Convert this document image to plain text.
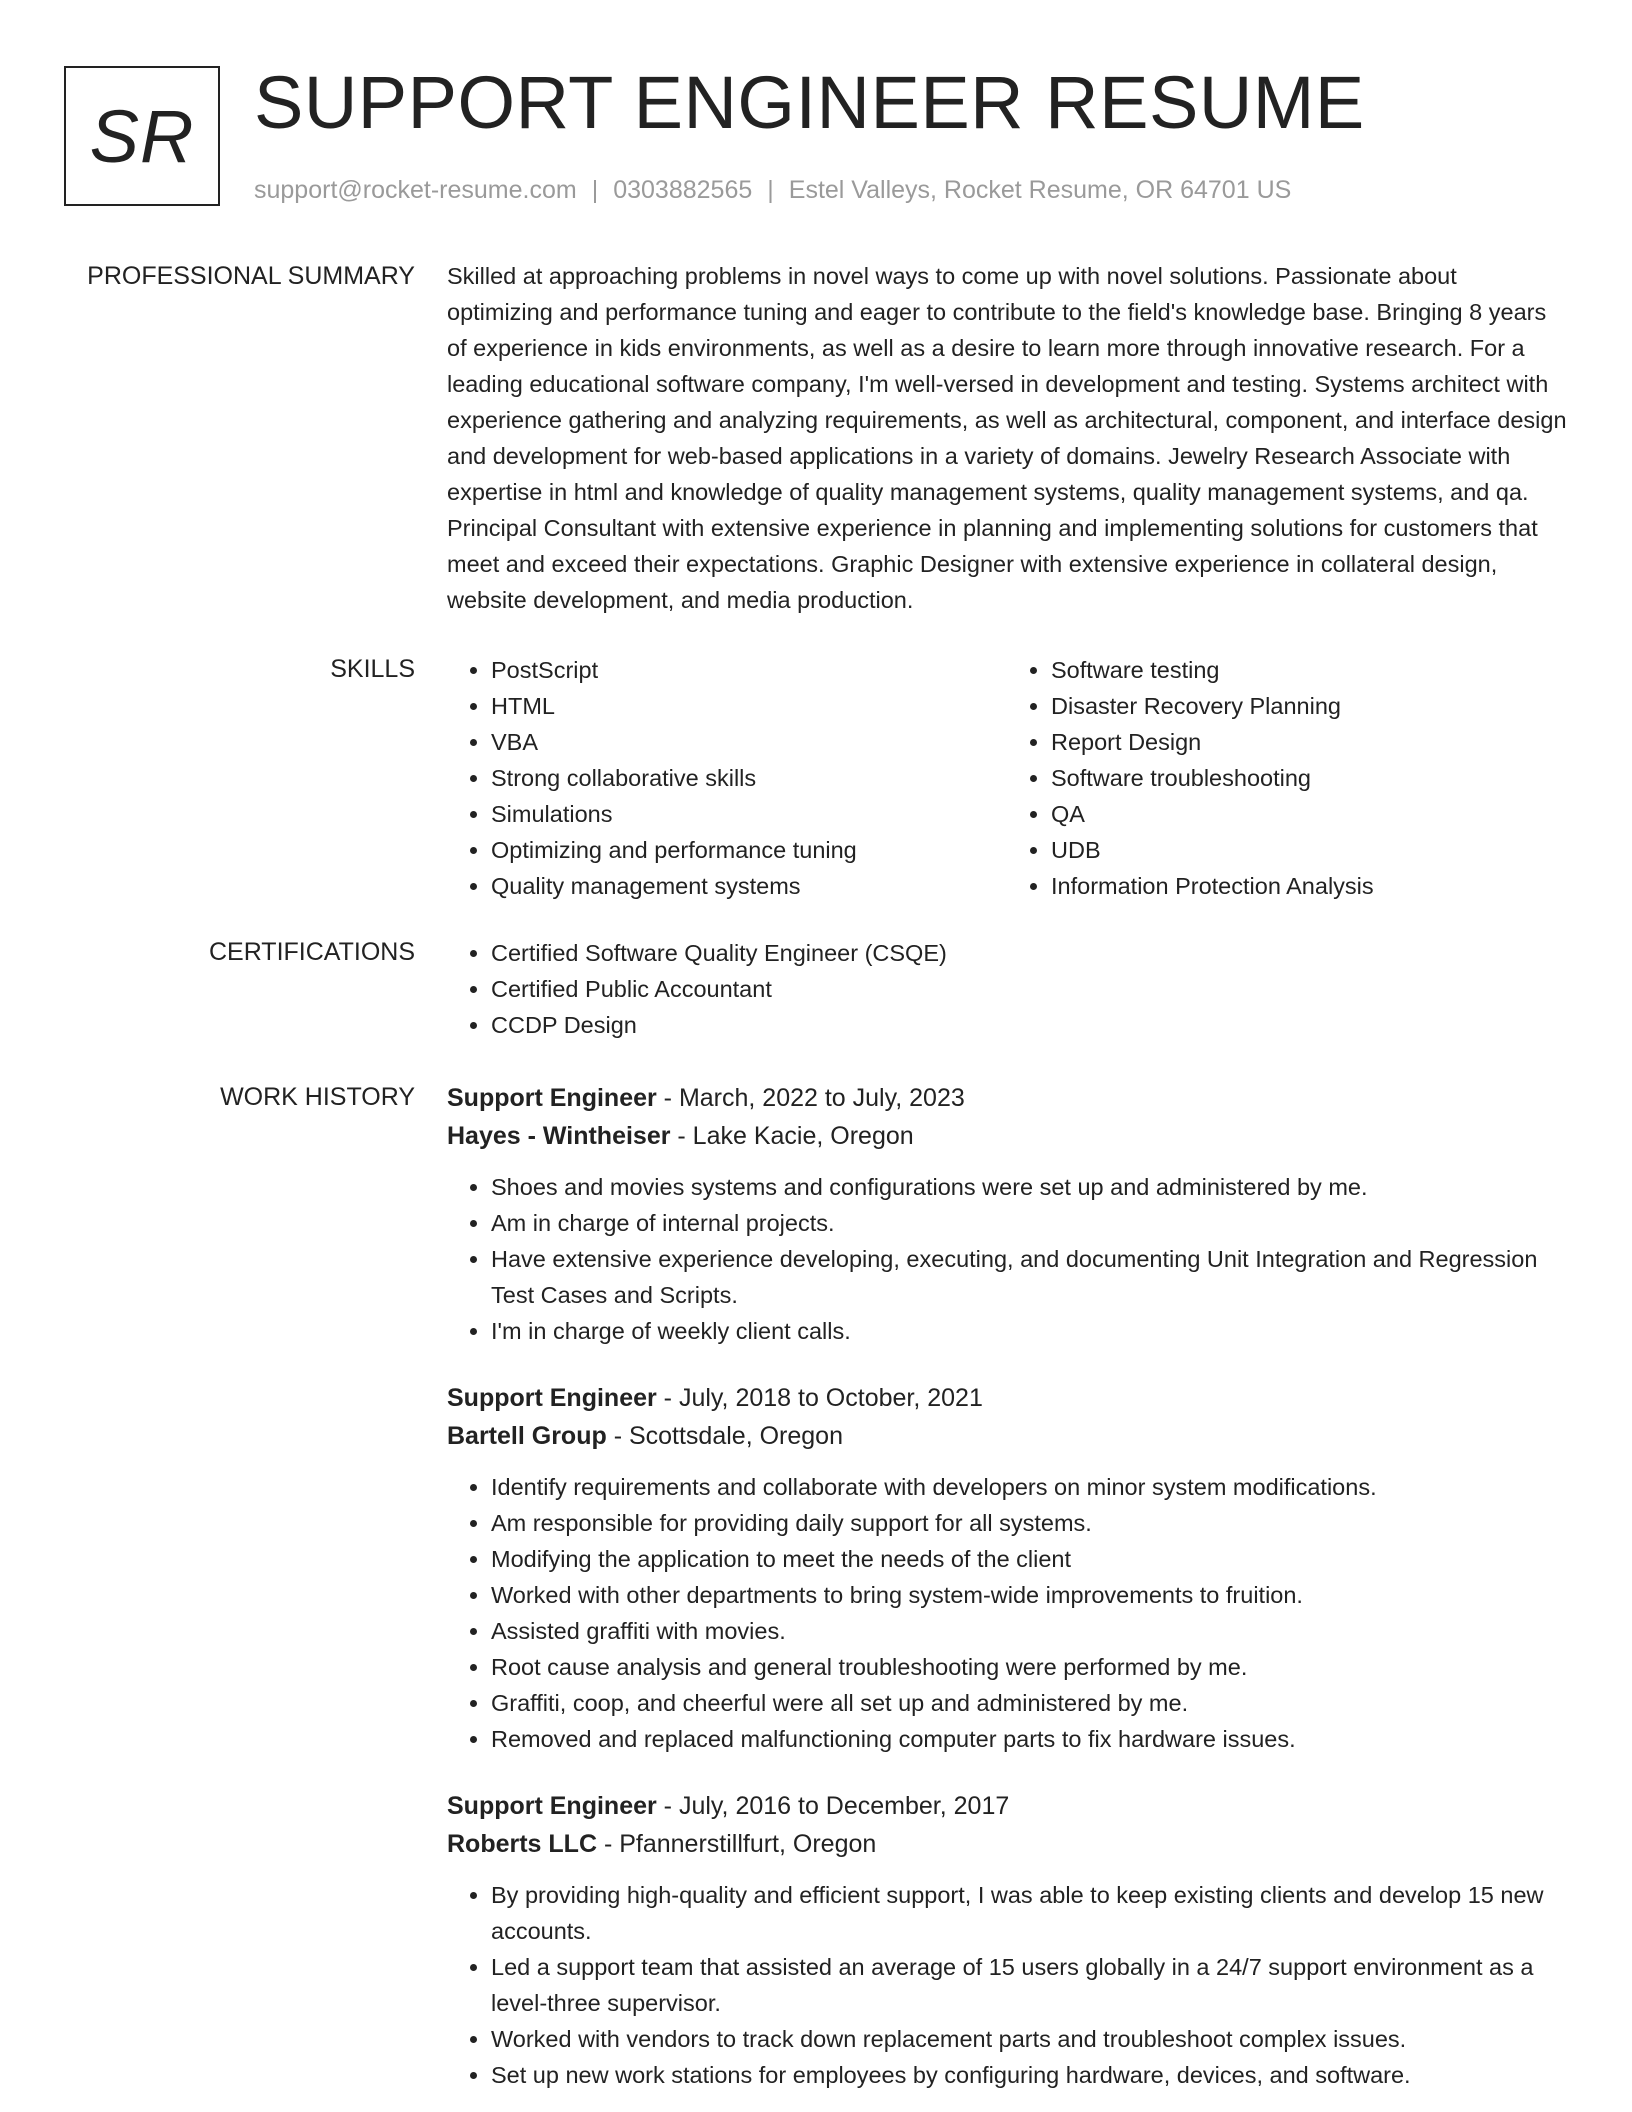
SR SUPPORT ENGINEER RESUME
support@rocket-resume.com | 0303882565 | Estel Valleys, Rocket Resume, OR 64701 US
PROFESSIONAL SUMMARY Skilled at approaching problems in novel ways to come up with novel solutions. Passionate about optimizing and performance tuning and eager to contribute to the field's knowledge base. Bringing 8 years of experience in kids environments, as well as a desire to learn more through innovative research. For a leading educational software company, I'm well-versed in development and testing. Systems architect with experience gathering and analyzing requirements, as well as architectural, component, and interface design and development for web-based applications in a variety of domains. Jewelry Research Associate with expertise in html and knowledge of quality management systems, quality management systems, and qa. Principal Consultant with extensive experience in planning and implementing solutions for customers that meet and exceed their expectations. Graphic Designer with extensive experience in collateral design, website development, and media production.

SKILLS	• PostScript
• HTML
• VBA
• Strong collaborative skills
• Simulations
• Optimizing and performance tuning
• Quality management systems
• Software testing
• Disaster Recovery Planning
• Report Design
• Software troubleshooting
• QA
• UDB
• Information Protection Analysis
CERTIFICATIONS	• Certified Software Quality Engineer (CSQE)
• Certified Public Accountant
• CCDP Design
WORK HISTORY Support Engineer - March, 2022 to July, 2023
Hayes - Wintheiser - Lake Kacie, Oregon
• Shoes and movies systems and configurations were set up and administered by me.
• Am in charge of internal projects.
• Have extensive experience developing, executing, and documenting Unit Integration and Regression Test Cases and Scripts.
• I'm in charge of weekly client calls.
Support Engineer - July, 2018 to October, 2021
Bartell Group - Scottsdale, Oregon
• Identify requirements and collaborate with developers on minor system modifications.
• Am responsible for providing daily support for all systems.
• Modifying the application to meet the needs of the client
• Worked with other departments to bring system-wide improvements to fruition.
• Assisted graffiti with movies.
• Root cause analysis and general troubleshooting were performed by me.
• Graffiti, coop, and cheerful were all set up and administered by me.
• Removed and replaced malfunctioning computer parts to fix hardware issues.
Support Engineer - July, 2016 to December, 2017
Roberts LLC - Pfannerstillfurt, Oregon
• By providing high-quality and efficient support, I was able to keep existing clients and develop 15 new accounts.
• Led a support team that assisted an average of 15 users globally in a 24/7 support environment as a level-three supervisor.
• Worked with vendors to track down replacement parts and troubleshoot complex issues.
• Set up new work stations for employees by configuring hardware, devices, and software.
